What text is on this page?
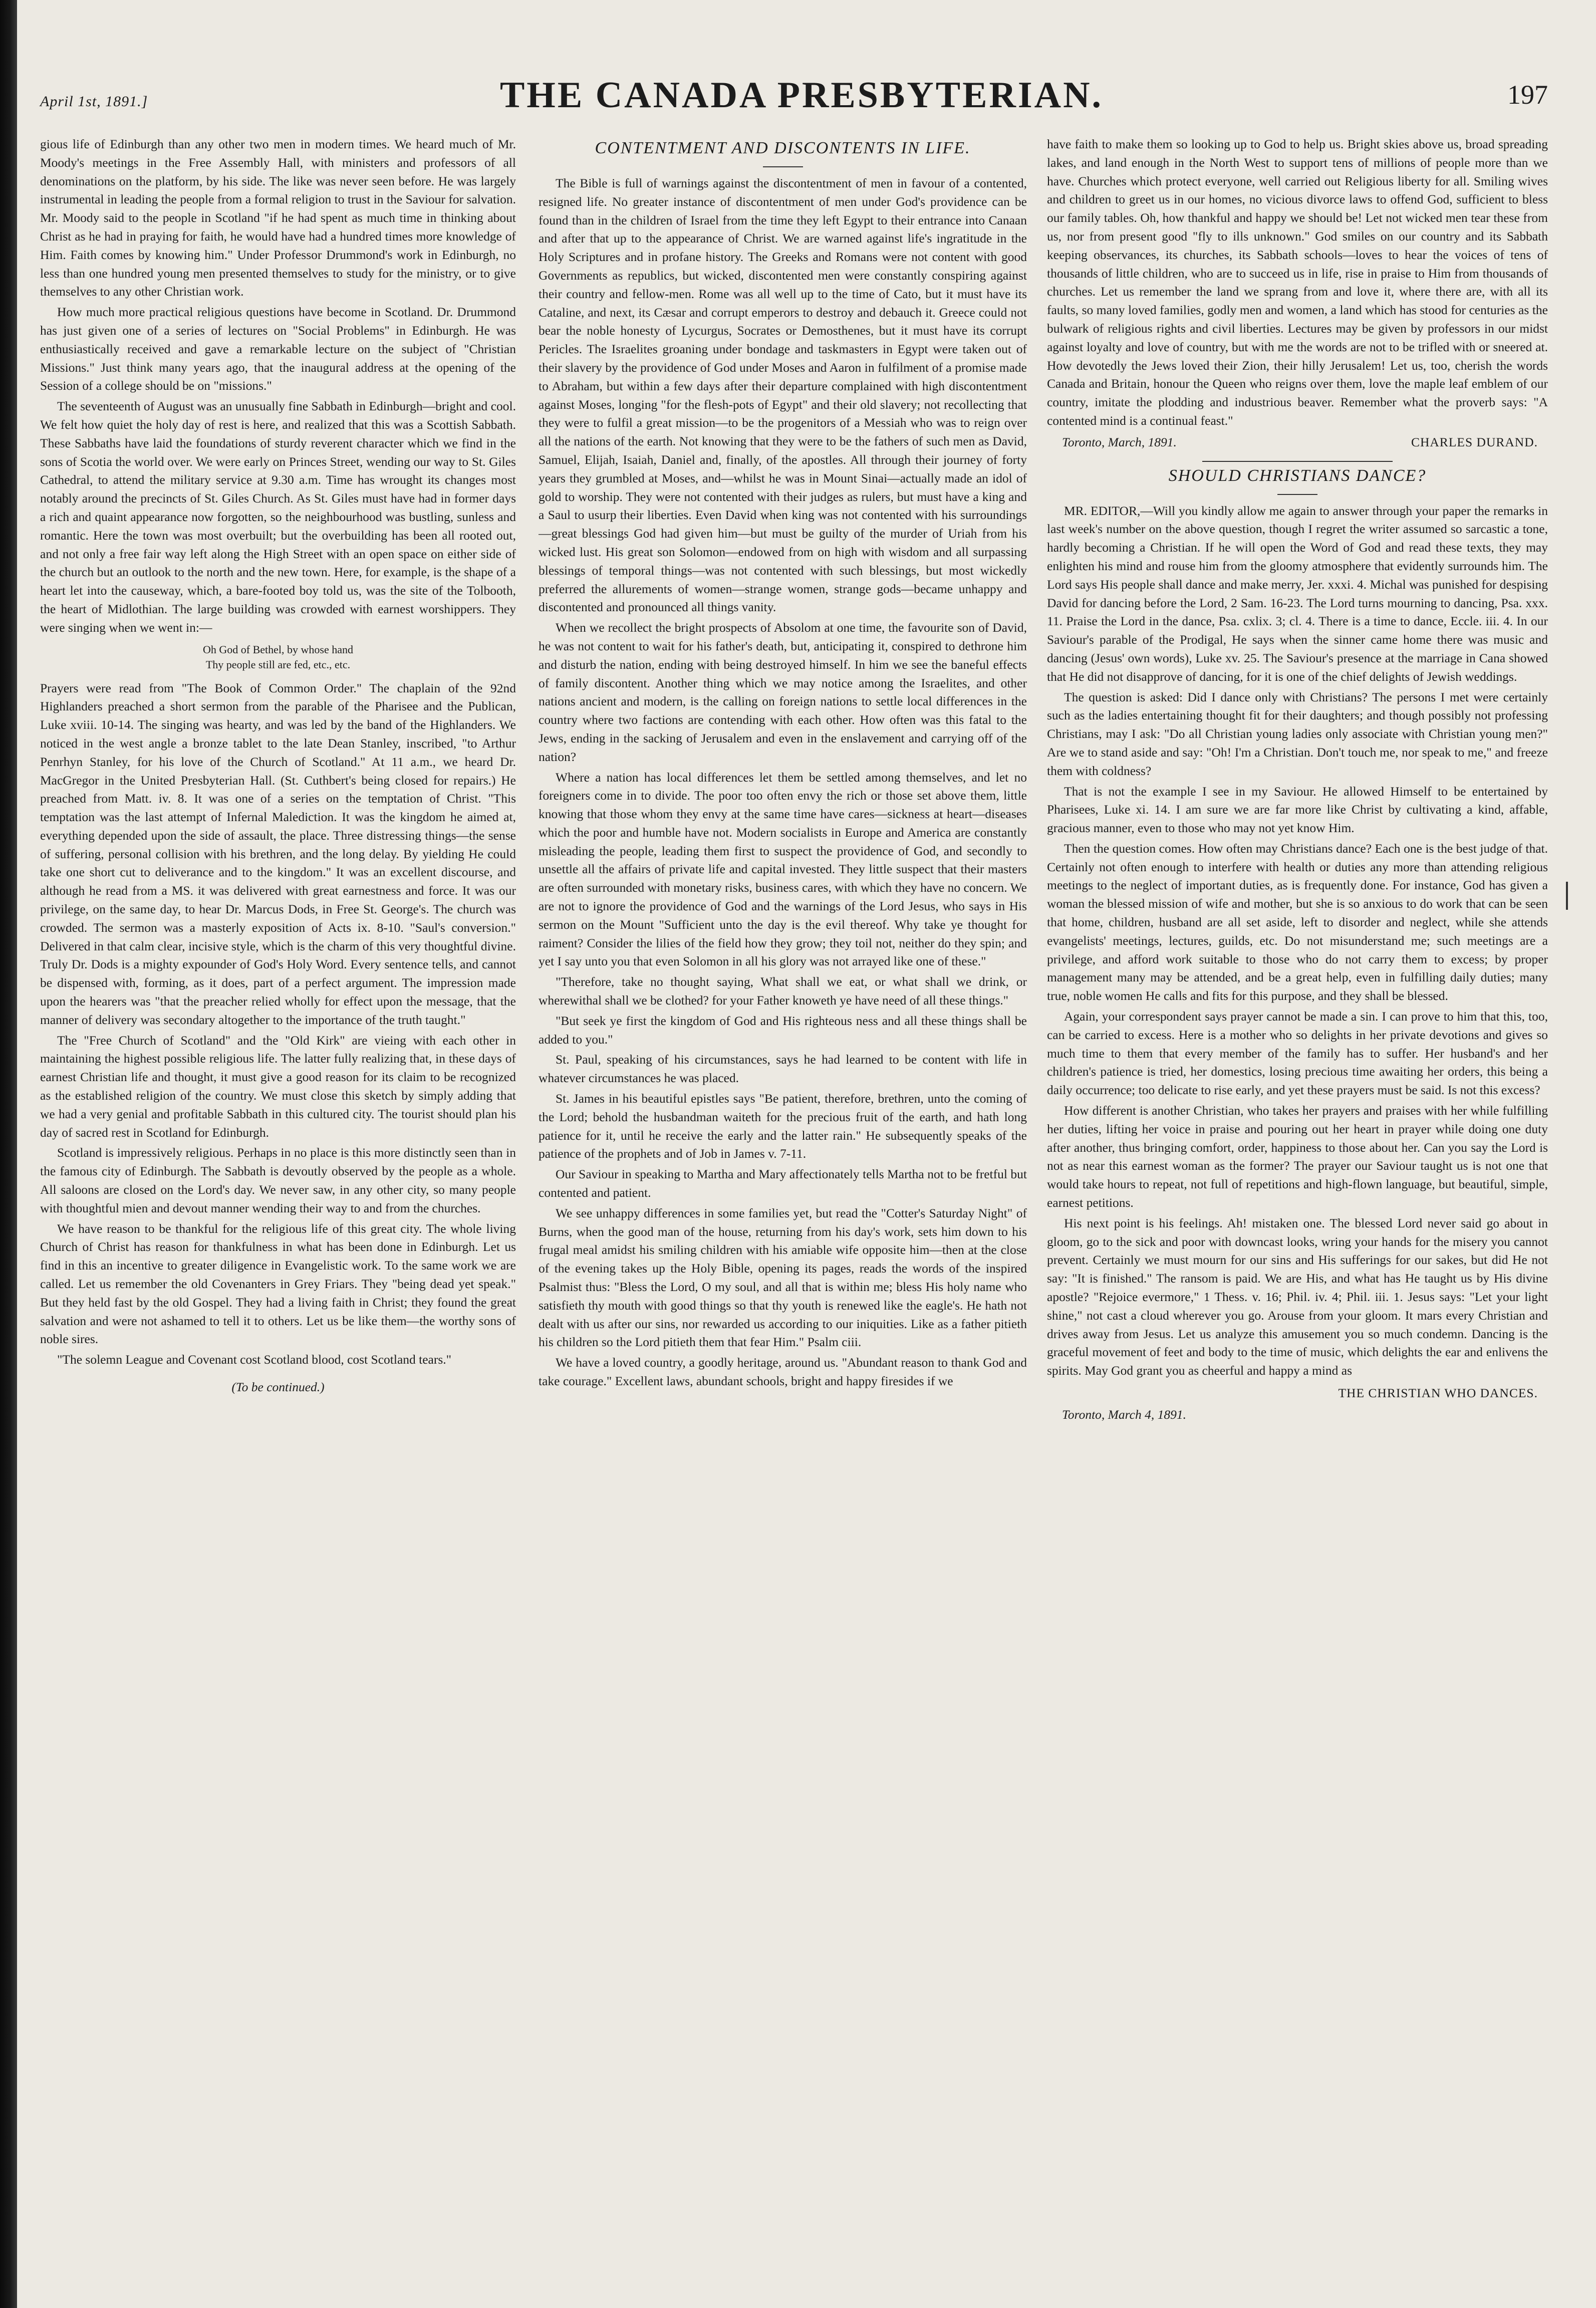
April 1st, 1891.]	THE CANADA PRESBYTERIAN.	197

gious life of Edinburgh than any other two men in modern times. We heard much of Mr. Moody's meetings in the Free Assembly Hall, with ministers and professors of all denominations on the platform, by his side. The like was never seen before. He was largely instrumental in leading the people from a formal religion to trust in the Saviour for salvation. Mr. Moody said to the people in Scotland "if he had spent as much time in thinking about Christ as he had in praying for faith, he would have had a hundred times more knowledge of Him. Faith comes by knowing him." Under Professor Drummond's work in Edinburgh, no less than one hundred young men presented themselves to study for the ministry, or to give themselves to any other Christian work.

How much more practical religious questions have become in Scotland. Dr. Drummond has just given one of a series of lectures on "Social Problems" in Edinburgh. He was enthusiastically received and gave a remarkable lecture on the subject of "Christian Missions." Just think many years ago, that the inaugural address at the opening of the Session of a college should be on "missions."

The seventeenth of August was an unusually fine Sabbath in Edinburgh—bright and cool. We felt how quiet the holy day of rest is here, and realized that this was a Scottish Sabbath. These Sabbaths have laid the foundations of sturdy reverent character which we find in the sons of Scotia the world over. We were early on Princes Street, wending our way to St. Giles Cathedral, to attend the military service at 9.30 a.m. Time has wrought its changes most notably around the precincts of St. Giles Church. As St. Giles must have had in former days a rich and quaint appearance now forgotten, so the neighbourhood was bustling, sunless and romantic. Here the town was most overbuilt; but the overbuilding has been all rooted out, and not only a free fair way left along the High Street with an open space on either side of the church but an outlook to the north and the new town. Here, for example, is the shape of a heart let into the causeway, which, a bare-footed boy told us, was the site of the Tolbooth, the heart of Midlothian. The large building was crowded with earnest worshippers. They were singing when we went in:—

Oh God of Bethel, by whose hand
Thy people still are fed, etc., etc.

Prayers were read from "The Book of Common Order." The chaplain of the 92nd Highlanders preached a short sermon from the parable of the Pharisee and the Publican, Luke xviii. 10-14. The singing was hearty, and was led by the band of the Highlanders. We noticed in the west angle a bronze tablet to the late Dean Stanley, inscribed, "to Arthur Penrhyn Stanley, for his love of the Church of Scotland." At 11 a.m., we heard Dr. MacGregor in the United Presbyterian Hall. (St. Cuthbert's being closed for repairs.) He preached from Matt. iv. 8. It was one of a series on the temptation of Christ. "This temptation was the last attempt of Infernal Malediction. It was the kingdom he aimed at, everything depended upon the side of assault, the place. Three distressing things—the sense of suffering, personal collision with his brethren, and the long delay. By yielding He could take one short cut to deliverance and to the kingdom." It was an excellent discourse, and although he read from a MS. it was delivered with great earnestness and force. It was our privilege, on the same day, to hear Dr. Marcus Dods, in Free St. George's. The church was crowded. The sermon was a masterly exposition of Acts ix. 8-10. "Saul's conversion." Delivered in that calm clear, incisive style, which is the charm of this very thoughtful divine. Truly Dr. Dods is a mighty expounder of God's Holy Word. Every sentence tells, and cannot be dispensed with, forming, as it does, part of a perfect argument. The impression made upon the hearers was "that the preacher relied wholly for effect upon the message, that the manner of delivery was secondary altogether to the importance of the truth taught."

The "Free Church of Scotland" and the "Old Kirk" are vieing with each other in maintaining the highest possible religious life. The latter fully realizing that, in these days of earnest Christian life and thought, it must give a good reason for its claim to be recognized as the established religion of the country. We must close this sketch by simply adding that we had a very genial and profitable Sabbath in this cultured city. The tourist should plan his day of sacred rest in Scotland for Edinburgh.

Scotland is impressively religious. Perhaps in no place is this more distinctly seen than in the famous city of Edinburgh. The Sabbath is devoutly observed by the people as a whole. All saloons are closed on the Lord's day. We never saw, in any other city, so many people with thoughtful mien and devout manner wending their way to and from the churches.

We have reason to be thankful for the religious life of this great city. The whole living Church of Christ has reason for thankfulness in what has been done in Edinburgh. Let us find in this an incentive to greater diligence in Evangelistic work. To the same work we are called. Let us remember the old Covenanters in Grey Friars. They "being dead yet speak." But they held fast by the old Gospel. They had a living faith in Christ; they found the great salvation and were not ashamed to tell it to others. Let us be like them—the worthy sons of noble sires.

"The solemn League and Covenant cost Scotland blood, cost Scotland tears."

(To be continued.)
CONTENTMENT AND DISCONTENTS IN LIFE.

The Bible is full of warnings against the discontentment of men in favour of a contented, resigned life. No greater instance of discontentment of men under God's providence can be found than in the children of Israel from the time they left Egypt to their entrance into Canaan and after that up to the appearance of Christ. We are warned against life's ingratitude in the Holy Scriptures and in profane history. The Greeks and Romans were not content with good Governments as republics, but wicked, discontented men were constantly conspiring against their country and fellow-men. Rome was all well up to the time of Cato, but it must have its Cataline, and next, its Cæsar and corrupt emperors to destroy and debauch it. Greece could not bear the noble honesty of Lycurgus, Socrates or Demosthenes, but it must have its corrupt Pericles. The Israelites groaning under bondage and taskmasters in Egypt were taken out of their slavery by the providence of God under Moses and Aaron in fulfilment of a promise made to Abraham, but within a few days after their departure complained with high discontentment against Moses, longing "for the flesh-pots of Egypt" and their old slavery; not recollecting that they were to fulfil a great mission—to be the progenitors of a Messiah who was to reign over all the nations of the earth. Not knowing that they were to be the fathers of such men as David, Samuel, Elijah, Isaiah, Daniel and, finally, of the apostles. All through their journey of forty years they grumbled at Moses, and—whilst he was in Mount Sinai—actually made an idol of gold to worship. They were not contented with their judges as rulers, but must have a king and a Saul to usurp their liberties. Even David when king was not contented with his surroundings—great blessings God had given him—but must be guilty of the murder of Uriah from his wicked lust. His great son Solomon—endowed from on high with wisdom and all surpassing blessings of temporal things—was not contented with such blessings, but most wickedly preferred the allurements of women—strange women, strange gods—became unhappy and discontented and pronounced all things vanity.

When we recollect the bright prospects of Absolom at one time, the favourite son of David, he was not content to wait for his father's death, but, anticipating it, conspired to dethrone him and disturb the nation, ending with being destroyed himself. In him we see the baneful effects of family discontent. Another thing which we may notice among the Israelites, and other nations ancient and modern, is the calling on foreign nations to settle local differences in the country where two factions are contending with each other. How often was this fatal to the Jews, ending in the sacking of Jerusalem and even in the enslavement and carrying off of the nation?

Where a nation has local differences let them be settled among themselves, and let no foreigners come in to divide. The poor too often envy the rich or those set above them, little knowing that those whom they envy at the same time have cares—sickness at heart—diseases which the poor and humble have not. Modern socialists in Europe and America are constantly misleading the people, leading them first to suspect the providence of God, and secondly to unsettle all the affairs of private life and capital invested. They little suspect that their masters are often surrounded with monetary risks, business cares, with which they have no concern. We are not to ignore the providence of God and the warnings of the Lord Jesus, who says in His sermon on the Mount "Sufficient unto the day is the evil thereof. Why take ye thought for raiment? Consider the lilies of the field how they grow; they toil not, neither do they spin; and yet I say unto you that even Solomon in all his glory was not arrayed like one of these."

"Therefore, take no thought saying, What shall we eat, or what shall we drink, or wherewithal shall we be clothed? for your Father knoweth ye have need of all these things."

"But seek ye first the kingdom of God and His righteous ness and all these things shall be added to you."

St. Paul, speaking of his circumstances, says he had learned to be content with life in whatever circumstances he was placed.

St. James in his beautiful epistles says "Be patient, therefore, brethren, unto the coming of the Lord; behold the husbandman waiteth for the precious fruit of the earth, and hath long patience for it, until he receive the early and the latter rain." He subsequently speaks of the patience of the prophets and of Job in James v. 7-11.

Our Saviour in speaking to Martha and Mary affectionately tells Martha not to be fretful but contented and patient.

We see unhappy differences in some families yet, but read the "Cotter's Saturday Night" of Burns, when the good man of the house, returning from his day's work, sets him down to his frugal meal amidst his smiling children with his amiable wife opposite him—then at the close of the evening takes up the Holy Bible, opening its pages, reads the words of the inspired Psalmist thus: "Bless the Lord, O my soul, and all that is within me; bless His holy name who satisfieth thy mouth with good things so that thy youth is renewed like the eagle's. He hath not dealt with us after our sins, nor rewarded us according to our iniquities. Like as a father pitieth his children so the Lord pitieth them that fear Him." Psalm ciii.

We have a loved country, a goodly heritage, around us. "Abundant reason to thank God and take courage." Excellent laws, abundant schools, bright and happy firesides if we

have faith to make them so looking up to God to help us. Bright skies above us, broad spreading lakes, and land enough in the North West to support tens of millions of people more than we have. Churches which protect everyone, well carried out Religious liberty for all. Smiling wives and children to greet us in our homes, no vicious divorce laws to offend God, sufficient to bless our family tables. Oh, how thankful and happy we should be! Let not wicked men tear these from us, nor from present good "fly to ills unknown." God smiles on our country and its Sabbath keeping observances, its churches, its Sabbath schools—loves to hear the voices of tens of thousands of little children, who are to succeed us in life, rise in praise to Him from thousands of churches. Let us remember the land we sprang from and love it, where there are, with all its faults, so many loved families, godly men and women, a land which has stood for centuries as the bulwark of religious rights and civil liberties. Lectures may be given by professors in our midst against loyalty and love of country, but with me the words are not to be trifled with or sneered at. How devotedly the Jews loved their Zion, their hilly Jerusalem! Let us, too, cherish the words Canada and Britain, honour the Queen who reigns over them, love the maple leaf emblem of our country, imitate the plodding and industrious beaver. Remember what the proverb says: "A contented mind is a continual feast."

Toronto, March, 1891.	CHARLES DURAND.
SHOULD CHRISTIANS DANCE?

MR. EDITOR,—Will you kindly allow me again to answer through your paper the remarks in last week's number on the above question, though I regret the writer assumed so sarcastic a tone, hardly becoming a Christian. If he will open the Word of God and read these texts, they may enlighten his mind and rouse him from the gloomy atmosphere that evidently surrounds him. The Lord says His people shall dance and make merry, Jer. xxxi. 4. Michal was punished for despising David for dancing before the Lord, 2 Sam. 16-23. The Lord turns mourning to dancing, Psa. xxx. 11. Praise the Lord in the dance, Psa. cxlix. 3; cl. 4. There is a time to dance, Eccle. iii. 4. In our Saviour's parable of the Prodigal, He says when the sinner came home there was music and dancing (Jesus' own words), Luke xv. 25. The Saviour's presence at the marriage in Cana showed that He did not disapprove of dancing, for it is one of the chief delights of Jewish weddings.

The question is asked: Did I dance only with Christians? The persons I met were certainly such as the ladies entertaining thought fit for their daughters; and though possibly not professing Christians, may I ask: "Do all Christian young ladies only associate with Christian young men?" Are we to stand aside and say: "Oh! I'm a Christian. Don't touch me, nor speak to me," and freeze them with coldness?

That is not the example I see in my Saviour. He allowed Himself to be entertained by Pharisees, Luke xi. 14. I am sure we are far more like Christ by cultivating a kind, affable, gracious manner, even to those who may not yet know Him.

Then the question comes. How often may Christians dance? Each one is the best judge of that. Certainly not often enough to interfere with health or duties any more than attending religious meetings to the neglect of important duties, as is frequently done. For instance, God has given a woman the blessed mission of wife and mother, but she is so anxious to do work that can be seen that home, children, husband are all set aside, left to disorder and neglect, while she attends evangelists' meetings, lectures, guilds, etc. Do not misunderstand me; such meetings are a privilege, and afford work suitable to those who do not carry them to excess; by proper management many may be attended, and be a great help, even in fulfilling daily duties; many true, noble women He calls and fits for this purpose, and they shall be blessed.

Again, your correspondent says prayer cannot be made a sin. I can prove to him that this, too, can be carried to excess. Here is a mother who so delights in her private devotions and gives so much time to them that every member of the family has to suffer. Her husband's and her children's patience is tried, her domestics, losing precious time awaiting her orders, this being a daily occurrence; too delicate to rise early, and yet these prayers must be said. Is not this excess?

How different is another Christian, who takes her prayers and praises with her while fulfilling her duties, lifting her voice in praise and pouring out her heart in prayer while doing one duty after another, thus bringing comfort, order, happiness to those about her. Can you say the Lord is not as near this earnest woman as the former? The prayer our Saviour taught us is not one that would take hours to repeat, not full of repetitions and high-flown language, but beautiful, simple, earnest petitions.

His next point is his feelings. Ah! mistaken one. The blessed Lord never said go about in gloom, go to the sick and poor with downcast looks, wring your hands for the misery you cannot prevent. Certainly we must mourn for our sins and His sufferings for our sakes, but did He not say: "It is finished." The ransom is paid. We are His, and what has He taught us by His divine apostle? "Rejoice evermore," 1 Thess. v. 16; Phil. iv. 4; Phil. iii. 1. Jesus says: "Let your light shine," not cast a cloud wherever you go. Arouse from your gloom. It mars every Christian and drives away from Jesus. Let us analyze this amusement you so much condemn. Dancing is the graceful movement of feet and body to the time of music, which delights the ear and enlivens the spirits. May God grant you as cheerful and happy a mind as

THE CHRISTIAN WHO DANCES.
Toronto, March 4, 1891.
